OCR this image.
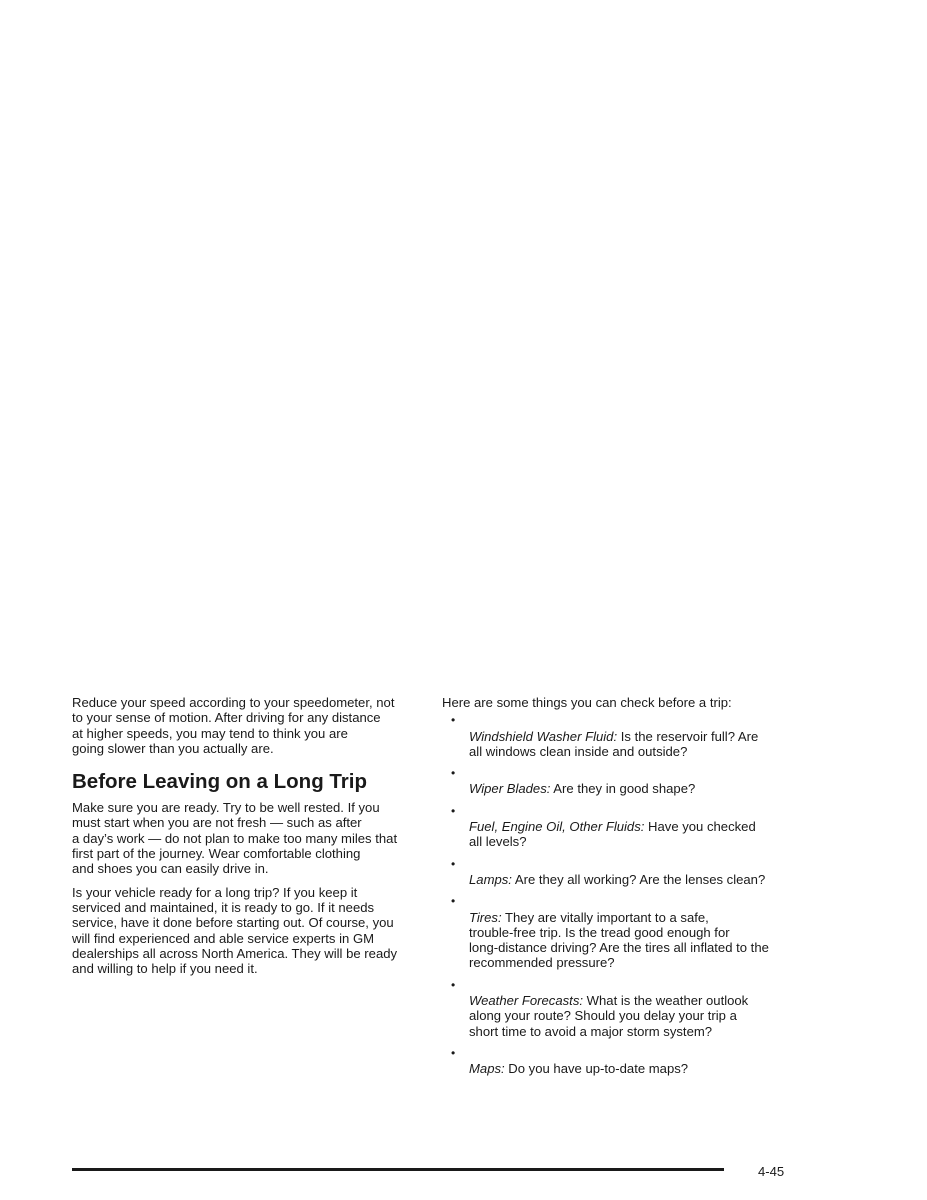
Reduce your speed according to your speedometer, not
to your sense of motion. After driving for any distance
at higher speeds, you may tend to think you are
going slower than you actually are.

Before Leaving on a Long Trip

Make sure you are ready. Try to be well rested. If you
must start when you are not fresh — such as after
a day’s work — do not plan to make too many miles that
first part of the journey. Wear comfortable clothing
and shoes you can easily drive in.

Is your vehicle ready for a long trip? If you keep it
serviced and maintained, it is ready to go. If it needs
service, have it done before starting out. Of course, you
will find experienced and able service experts in GM
dealerships all across North America. They will be ready
and willing to help if you need it.

Here are some things you can check before a trip:

•
Windshield Washer Fluid: Is the reservoir full? Are
all windows clean inside and outside?

•
Wiper Blades: Are they in good shape?

•
Fuel, Engine Oil, Other Fluids: Have you checked
all levels?

•
Lamps: Are they all working? Are the lenses clean?

•
Tires: They are vitally important to a safe,
trouble-free trip. Is the tread good enough for
long-distance driving? Are the tires all inflated to the
recommended pressure?

•
Weather Forecasts: What is the weather outlook
along your route? Should you delay your trip a
short time to avoid a major storm system?

•
Maps: Do you have up-to-date maps?

4-45
